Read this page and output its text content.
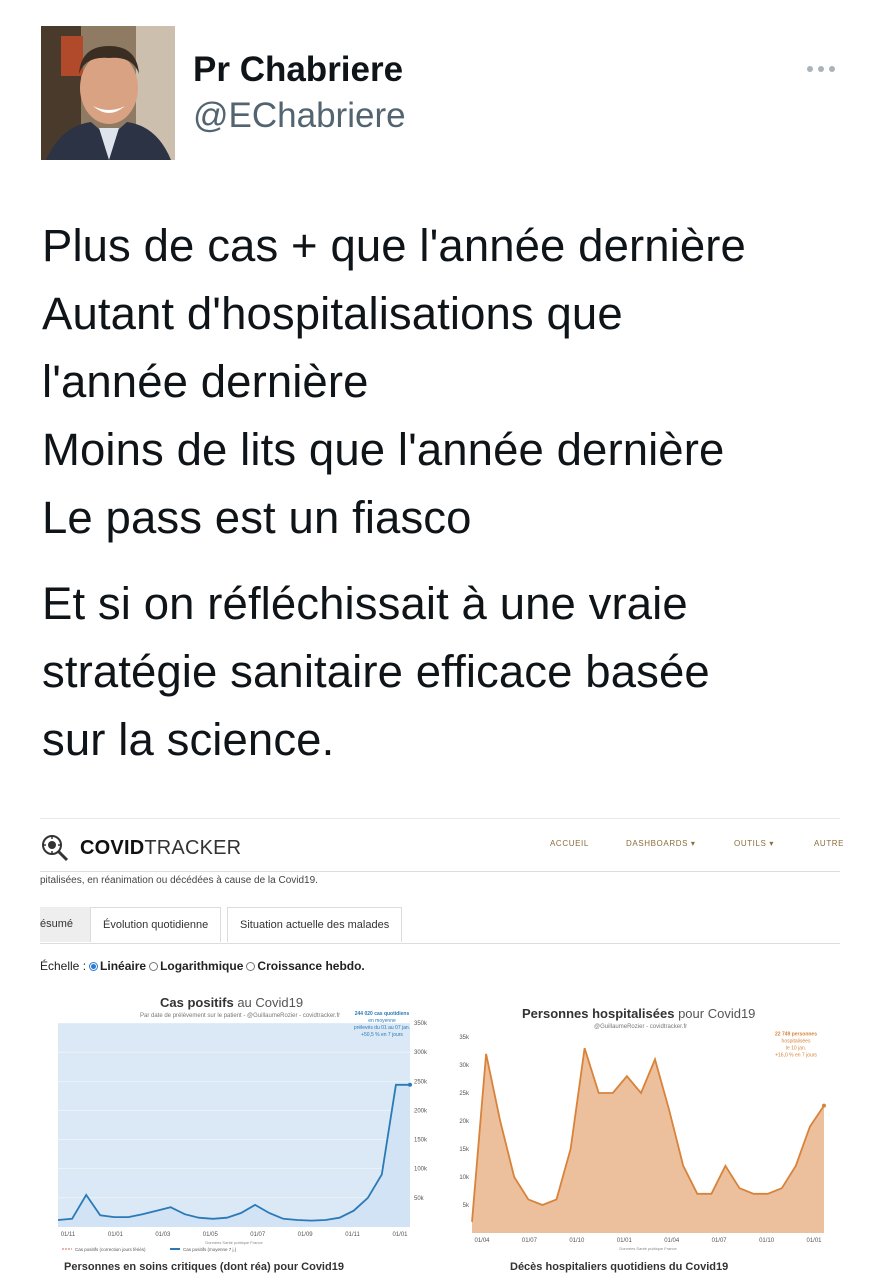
Pr Chabriere
@EChabriere
Plus de cas + que l'année dernière
Autant d'hospitalisations que
l'année dernière
Moins de lits que l'année dernière
Le pass est un fiasco
Et si on réfléchissait à une vraie
stratégie sanitaire efficace basée
sur la science.
COVIDTRACKER	ACCUEIL	DASHBOARDS ▾	OUTILS ▾	AUTRE
pitalisées, en réanimation ou décédées à cause de la Covid19.
ésumé	Évolution quotidienne	Situation actuelle des malades
Échelle : Linéaire Logarithmique Croissance hebdo.
Cas positifs au Covid19
Par date de prélèvement sur le patient - @GuillaumeRozier - covidtracker.fr
50k
100k
150k
200k
250k
300k
350k
01/11	01/01	01/03	01/05	01/07	01/09	01/11	01/01
244 020 cas quotidiens
en moyenne
prélevés du 01 au 07 jan.
+50,5 % en 7 jours
Données Santé publique France
Cas positifs (correction jours fériés)	Cas positifs (moyenne 7 j.)
Personnes hospitalisées pour Covid19
@GuillaumeRozier - covidtracker.fr
5k
10k
15k
20k
25k
30k
35k
01/04	01/07	01/10	01/01	01/04	01/07	01/10	01/01
22 749 personnes
hospitalisées
le 10 jan.
+16,0 % en 7 jours
Données Santé publique France
Personnes en soins critiques (dont réa) pour Covid19	Décès hospitaliers quotidiens du Covid19
